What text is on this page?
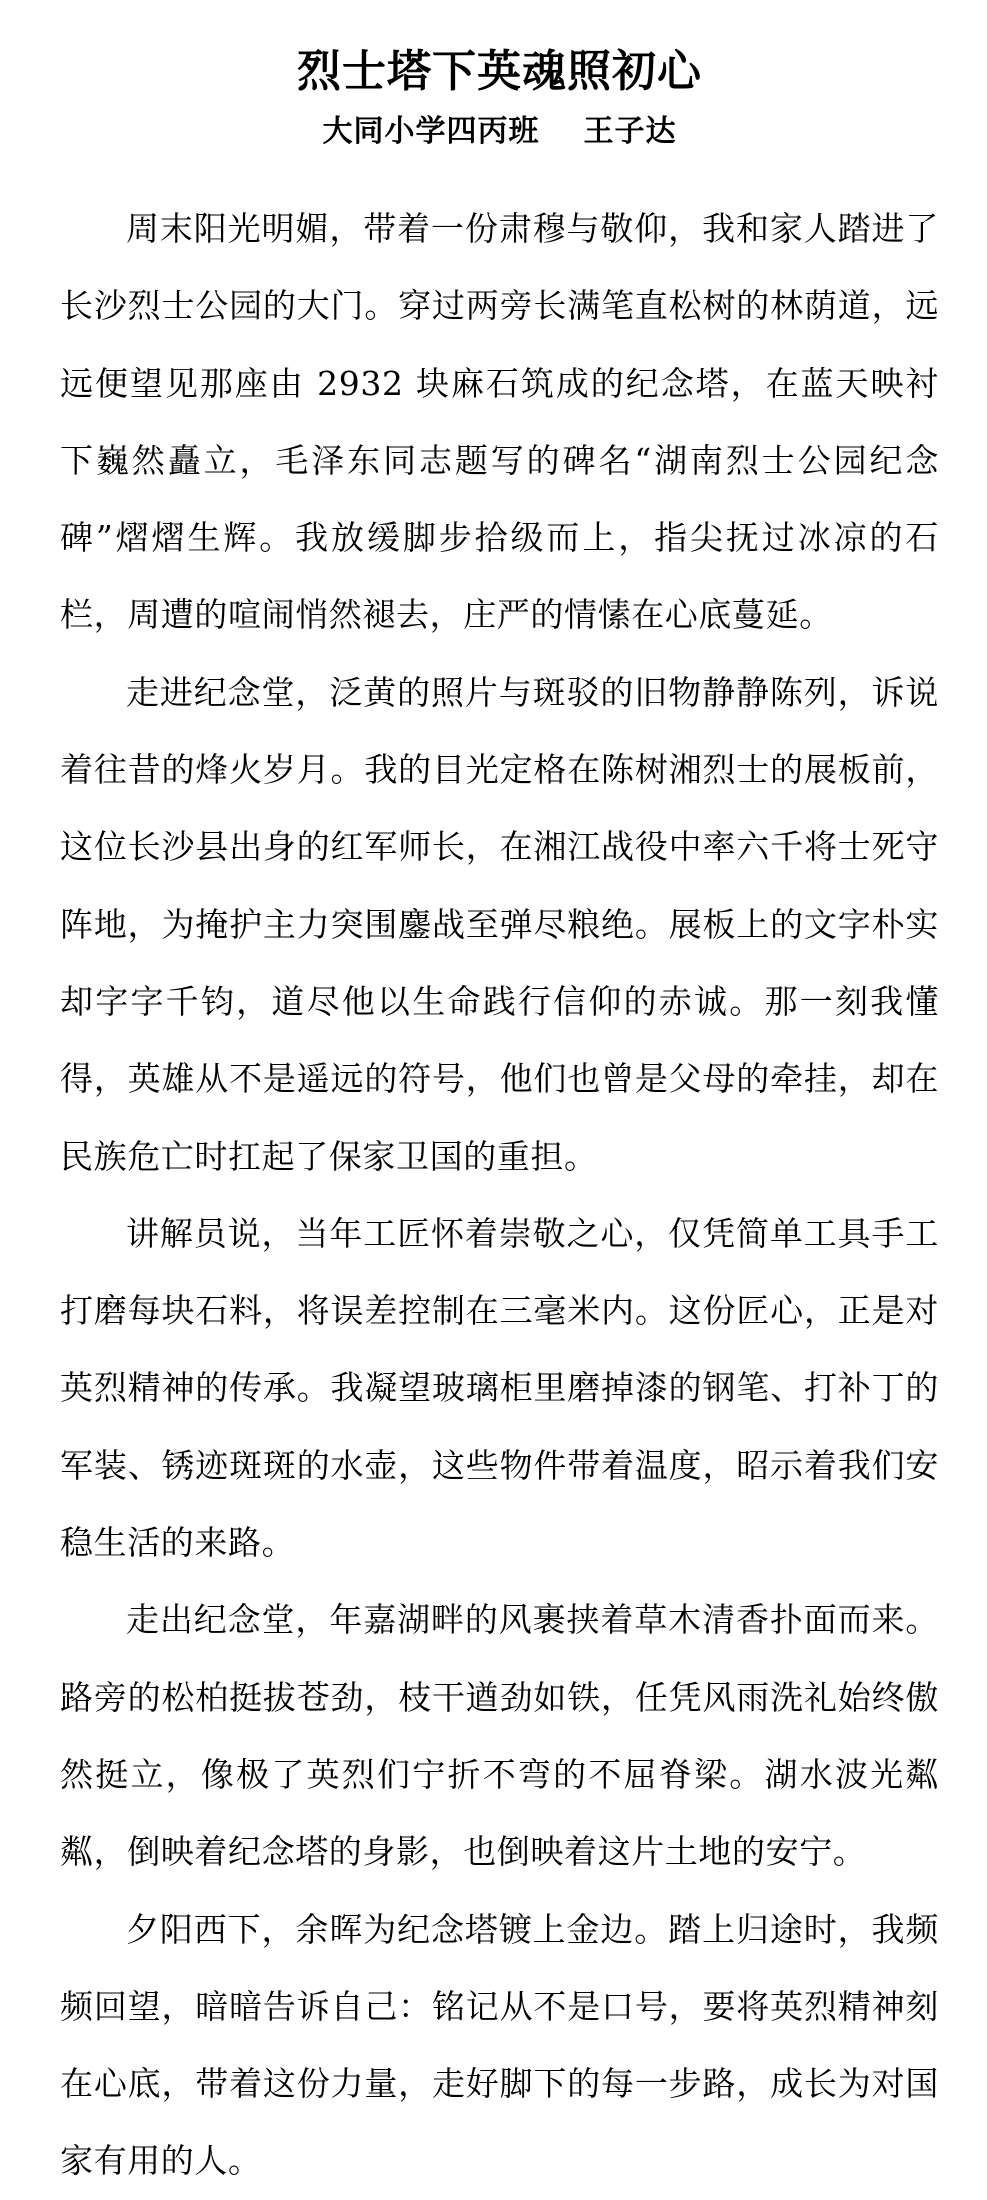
烈士塔下英魂照初心
大同小学四丙班 王子达

周末阳光明媚，带着一份肃穆与敬仰，我和家人踏进了长沙烈士公园的大门。穿过两旁长满笔直松树的林荫道，远远便望见那座由 2932 块麻石筑成的纪念塔，在蓝天映衬下巍然矗立，毛泽东同志题写的碑名“湖南烈士公园纪念碑”熠熠生辉。我放缓脚步拾级而上，指尖抚过冰凉的石栏，周遭的喧闹悄然褪去，庄严的情愫在心底蔓延。

走进纪念堂，泛黄的照片与斑驳的旧物静静陈列，诉说着往昔的烽火岁月。我的目光定格在陈树湘烈士的展板前，这位长沙县出身的红军师长，在湘江战役中率六千将士死守阵地，为掩护主力突围鏖战至弹尽粮绝。展板上的文字朴实却字字千钧，道尽他以生命践行信仰的赤诚。那一刻我懂得，英雄从不是遥远的符号，他们也曾是父母的牵挂，却在民族危亡时扛起了保家卫国的重担。

讲解员说，当年工匠怀着崇敬之心，仅凭简单工具手工打磨每块石料，将误差控制在三毫米内。这份匠心，正是对英烈精神的传承。我凝望玻璃柜里磨掉漆的钢笔、打补丁的军装、锈迹斑斑的水壶，这些物件带着温度，昭示着我们安稳生活的来路。

走出纪念堂，年嘉湖畔的风裹挟着草木清香扑面而来。路旁的松柏挺拔苍劲，枝干遒劲如铁，任凭风雨洗礼始终傲然挺立，像极了英烈们宁折不弯的不屈脊梁。湖水波光粼粼，倒映着纪念塔的身影，也倒映着这片土地的安宁。

夕阳西下，余晖为纪念塔镀上金边。踏上归途时，我频频回望，暗暗告诉自己：铭记从不是口号，要将英烈精神刻在心底，带着这份力量，走好脚下的每一步路，成长为对国家有用的人。
